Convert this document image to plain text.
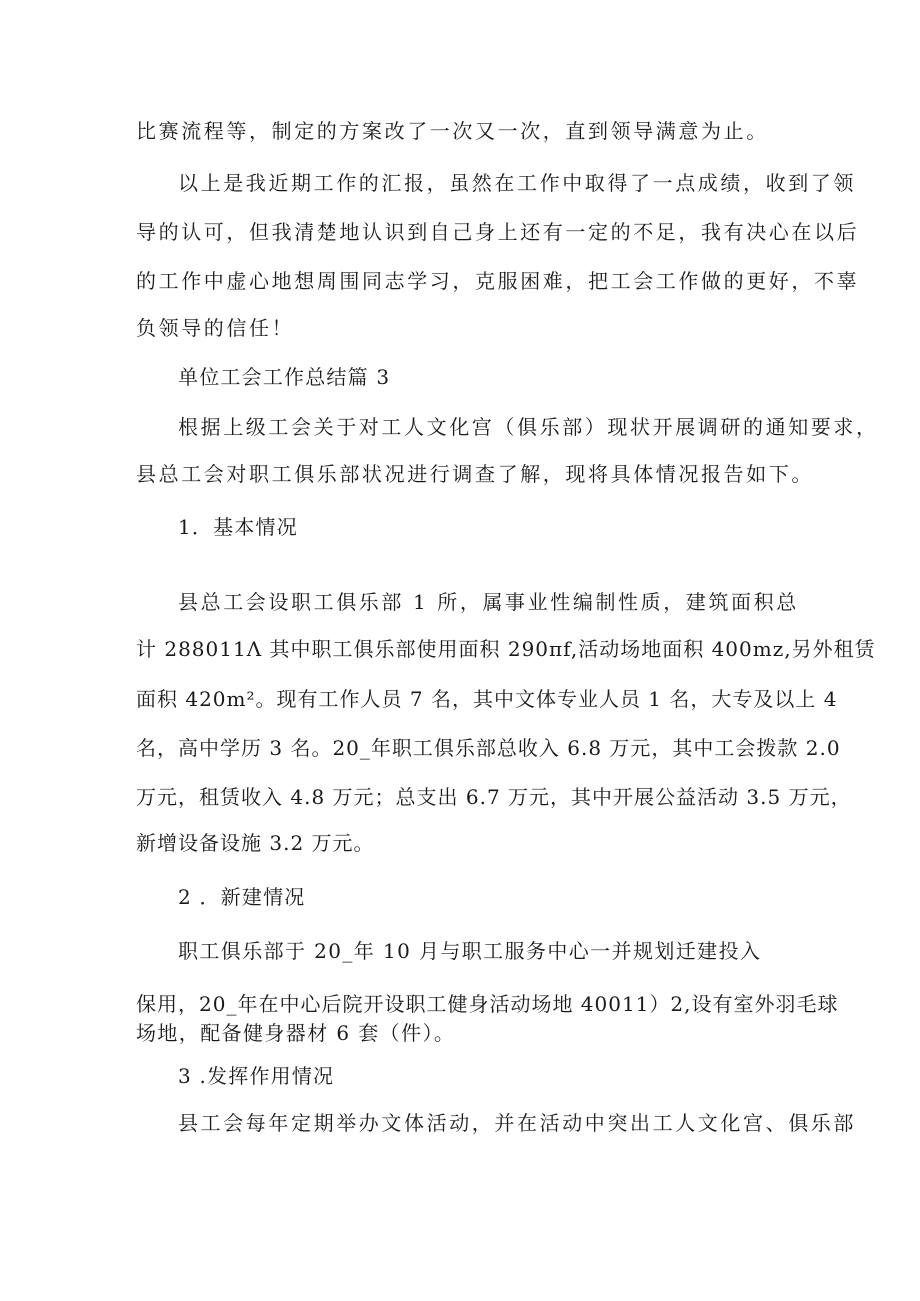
比赛流程等，制定的方案改了一次又一次，直到领导满意为止。
以上是我近期工作的汇报，虽然在工作中取得了一点成绩，收到了领
导的认可，但我清楚地认识到自己身上还有一定的不足，我有决心在以后
的工作中虚心地想周围同志学习，克服困难，把工会工作做的更好，不辜
负领导的信任！
单位工会工作总结篇 3
根据上级工会关于对工人文化宫（俱乐部）现状开展调研的通知要求，
县总工会对职工俱乐部状况进行调查了解，现将具体情况报告如下。
1．基本情况
县总工会设职工俱乐部 1 所，属事业性编制性质，建筑面积总
计 288011Λ 其中职工俱乐部使用面积 290πf,活动场地面积 400mz,另外租赁
面积 420m²。现有工作人员 7 名，其中文体专业人员 1 名，大专及以上 4
名，高中学历 3 名。20_年职工俱乐部总收入 6.8 万元，其中工会拨款 2.0
万元，租赁收入 4.8 万元；总支出 6.7 万元，其中开展公益活动 3.5 万元，
新增设备设施 3.2 万元。
2 ．新建情况
职工俱乐部于 20_年 10 月与职工服务中心一并规划迁建投入
保用，20_年在中心后院开设职工健身活动场地 40011）2,设有室外羽毛球
场地，配备健身器材 6 套（件）。
3 .发挥作用情况
县工会每年定期举办文体活动，并在活动中突出工人文化宫、俱乐部
